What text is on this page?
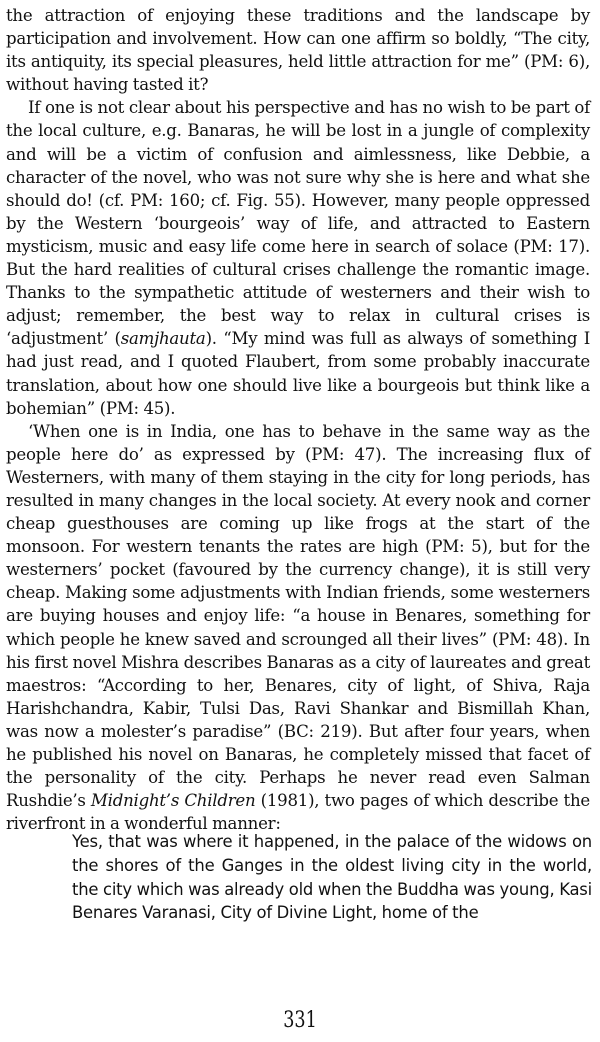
the attraction of enjoying these traditions and the landscape by participation and involvement. How can one affirm so boldly, “The city, its antiquity, its special pleasures, held little attraction for me” (PM: 6), without having tasted it?

If one is not clear about his perspective and has no wish to be part of the local culture, e.g. Banaras, he will be lost in a jungle of complexity and will be a victim of confusion and aimlessness, like Debbie, a character of the novel, who was not sure why she is here and what she should do! (cf. PM: 160; cf. Fig. 55). However, many people oppressed by the Western ‘bourgeois’ way of life, and attracted to Eastern mysticism, music and easy life come here in search of solace (PM: 17). But the hard realities of cultural crises challenge the romantic image. Thanks to the sympathetic attitude of westerners and their wish to adjust; remember, the best way to relax in cultural crises is ‘adjustment’ (samjhauta). “My mind was full as always of something I had just read, and I quoted Flaubert, from some probably inaccurate translation, about how one should live like a bourgeois but think like a bohemian” (PM: 45).

‘When one is in India, one has to behave in the same way as the people here do’ as expressed by (PM: 47). The increasing flux of Westerners, with many of them staying in the city for long periods, has resulted in many changes in the local society. At every nook and corner cheap guesthouses are coming up like frogs at the start of the monsoon. For western tenants the rates are high (PM: 5), but for the westerners’ pocket (favoured by the currency change), it is still very cheap. Making some adjustments with Indian friends, some westerners are buying houses and enjoy life: “a house in Benares, something for which people he knew saved and scrounged all their lives” (PM: 48). In his first novel Mishra describes Banaras as a city of laureates and great maestros: “According to her, Benares, city of light, of Shiva, Raja Harishchandra, Kabir, Tulsi Das, Ravi Shankar and Bismillah Khan, was now a molester’s paradise” (BC: 219). But after four years, when he published his novel on Banaras, he completely missed that facet of the personality of the city. Perhaps he never read even Salman Rushdie’s Midnight’s Children (1981), two pages of which describe the riverfront in a wonderful manner:

Yes, that was where it happened, in the palace of the widows on the shores of the Ganges in the oldest living city in the world, the city which was already old when the Buddha was young, Kasi Benares Varanasi, City of Divine Light, home of the

331
